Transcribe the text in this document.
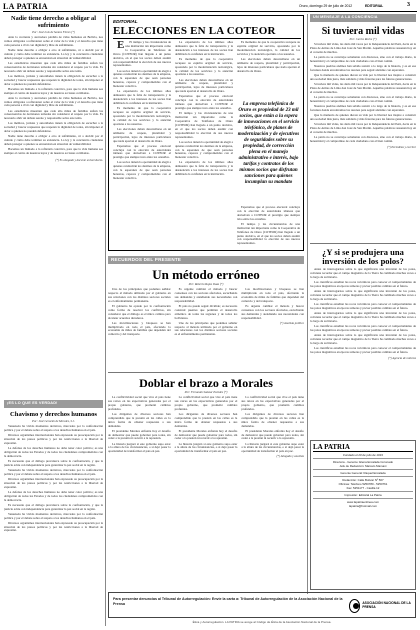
LA PATRIA	Oruro, domingo 29 de julio de 2012	EDITORIAL	3
Nadie tiene derecho a obligar al sufrimiento
Por: José Luis de Santos Flores (*)

Ante la creciente y aterradora pérdida de vidas humanas en Bolivia, nos vemos obligados a reflexionar sobre el valor de la vida y el derecho que tiene cada persona a vivir con dignidad y libre de sufrimiento.

Nadie tiene derecho a obligar a otro al sufrimiento, ni a decidir por él cuándo y cómo debe terminar su existencia. La ley y la conciencia ciudadana deben proteger a quienes se encuentran en situación de vulnerabilidad.

Las estadísticas muestran que cada año miles de familias sufren las consecuencias de decisiones tomadas sin considerar el respeto por la vida. Es necesario abrir un debate sereno y responsable sobre este tema.

Los médicos, juristas y autoridades tienen la obligación de escuchar a la sociedad y buscar respuestas que respeten la dignidad de todos, sin imponer el dolor a quienes no pueden defenderse.

Hacemos un llamado a la reflexión colectiva, para que la vida humana sea siempre el centro de nuestras leyes y de nuestras acciones cotidianas.

Ante la creciente y aterradora pérdida de vidas humanas en Bolivia, nos vemos obligados a reflexionar sobre el valor de la vida y el derecho que tiene cada persona a vivir con dignidad y libre de sufrimiento.

Las estadísticas muestran que cada año miles de familias sufren las consecuencias de decisiones tomadas sin considerar el respeto por la vida. Es necesario abrir un debate sereno y responsable sobre este tema.

Los médicos, juristas y autoridades tienen la obligación de escuchar a la sociedad y buscar respuestas que respeten la dignidad de todos, sin imponer el dolor a quienes no pueden defenderse.

Nadie tiene derecho a obligar a otro al sufrimiento, ni a decidir por él cuándo y cómo debe terminar su existencia. La ley y la conciencia ciudadana deben proteger a quienes se encuentran en situación de vulnerabilidad.

Hacemos un llamado a la reflexión colectiva, para que la vida humana sea siempre el centro de nuestras leyes y de nuestras acciones cotidianas.

(*) Es abogado y docente universitario.
¡ES LO QUE ES VERDAD!
Chavismo y derechos humanos
Por: José Gerardo de Morales, S.J.

Venezuela ha vivido momentos decisivos, marcados por la confrontación política y por el debate sobre el respeto a los derechos humanos en el país.

Diversos organismos internacionales han expresado su preocupación por la situación de los presos políticos y por las restricciones a la libertad de expresión.

La defensa de los derechos humanos no debe tener color político; es una obligación de todos los Estados y de todos los ciudadanos comprometidos con la democracia.

Es necesario que el diálogo prevalezca sobre la confrontación, y que la justicia actúe con independencia para garantizar la paz social en la región.

Venezuela ha vivido momentos decisivos, marcados por la confrontación política y por el debate sobre el respeto a los derechos humanos en el país.

Diversos organismos internacionales han expresado su preocupación por la situación de los presos políticos y por las restricciones a la libertad de expresión.

La defensa de los derechos humanos no debe tener color político; es una obligación de todos los Estados y de todos los ciudadanos comprometidos con la democracia.

Es necesario que el diálogo prevalezca sobre la confrontación, y que la justicia actúe con independencia para garantizar la paz social en la región.

Venezuela ha vivido momentos decisivos, marcados por la confrontación política y por el debate sobre el respeto a los derechos humanos en el país.

Diversos organismos internacionales han expresado su preocupación por la situación de los presos políticos y por las restricciones a la libertad de expresión.

EDITORIAL
ELECCIONES EN LA COTEOR

E El tiempo y las circunstancias de una institución tan importante como la Cooperativa de Teléfonos de Oruro (COTEOR) han llegado a un punto decisivo, en el que los socios deben asumir con responsabilidad la elección de sus nuevos representantes.

Los socios tienen la oportunidad de elegir a quienes conducirán los destinos de la empresa, con la esperanza de que sean personas honestas, capaces y comprometidas con el bienestar colectivo.

La experiencia de los últimos años demuestra que la falta de transparencia y la desatención a los intereses de los socios han debilitado la confianza en la institución.

Es momento de que la cooperativa recupere su espíritu original de servicio, apostando por la modernización tecnológica, la calidad de los servicios y la atención oportuna a los usuarios.

Las elecciones deben desarrollarse en un ambiente de respeto, pluralidad y participación, lejos de intereses particulares que nada aportan al desarrollo de Oruro.

Esperamos que el proceso electoral concluya con la elección de autoridades idóneas que devuelvan a COTEOR el prestigio que siempre tuvo entre los orureños.

Los socios tienen la oportunidad de elegir a quienes conducirán los destinos de la empresa, con la esperanza de que sean personas honestas, capaces y comprometidas con el bienestar colectivo.

La experiencia de los últimos años demuestra que la falta de transparencia y la desatención a los intereses de los socios han debilitado la confianza en la institución.

Es momento de que la cooperativa recupere su espíritu original de servicio, apostando por la modernización tecnológica, la calidad de los servicios y la atención oportuna a los usuarios.

Las elecciones deben desarrollarse en un ambiente de respeto, pluralidad y participación, lejos de intereses particulares que nada aportan al desarrollo de Oruro.

Esperamos que el proceso electoral concluya con la elección de autoridades idóneas que devuelvan a COTEOR el prestigio que siempre tuvo entre los orureños.

El tiempo y las circunstancias de una institución tan importante como la Cooperativa de Teléfonos de Oruro (COTEOR) han llegado a un punto decisivo, en el que los socios deben asumir con responsabilidad la elección de sus nuevos representantes.

Los socios tienen la oportunidad de elegir a quienes conducirán los destinos de la empresa, con la esperanza de que sean personas honestas, capaces y comprometidas con el bienestar colectivo.

La experiencia de los últimos años demuestra que la falta de transparencia y la desatención a los intereses de los socios han debilitado la confianza en la institución.

Es momento de que la cooperativa recupere su espíritu original de servicio, apostando por la modernización tecnológica, la calidad de los servicios y la atención oportuna a los usuarios.

Las elecciones deben desarrollarse en un ambiente de respeto, pluralidad y participación, lejos de intereses particulares que nada aportan al desarrollo de Oruro.

La empresa telefónica de Oruro es propiedad de 23 mil socios, que están a la espera de innovaciones en el servicio telefónico, de planes de modernización y de ejecutivos de seguridades sobre su propiedad, de corrección plena en el manejo administrativo e interés, bajo tarifas y contratos de los mismos socios que disfrutan sanciones para quienes incumplan su mandato

Esperamos que el proceso electoral concluya con la elección de autoridades idóneas que devuelvan a COTEOR el prestigio que siempre tuvo entre los orureños.

El tiempo y las circunstancias de una institución tan importante como la Cooperativa de Teléfonos de Oruro (COTEOR) han llegado a un punto decisivo, en el que los socios deben asumir con responsabilidad la elección de sus nuevos representantes.

RECUERDOS DEL PRESENTE
Un método erróneo
Por: Roberto Rojas Daza (*)

Uno de los principales que podemos señalar respecto al método utilizado por el gobierno en sus relaciones con los distintos sectores sociales es el enfrentamiento permanente.

El gobierno ha optado por la confrontación como forma de resolver los conflictos, sin considerar que el diálogo es el único camino para alcanzar acuerdos duraderos.

Las movilizaciones y bloqueos se han multiplicado en todo el país, afectando la economía de miles de familias que dependen del comercio y del transporte.

Es urgente cambiar el método y buscar consensos con los sectores afectados, escuchando sus demandas y atendiendo sus necesidades con responsabilidad.

El país no puede seguir dividido; es necesario construir puentes que permitan el desarrollo armónico de todas las regiones y de todos los bolivianos.

Uno de los principales que podemos señalar respecto al método utilizado por el gobierno en sus relaciones con los distintos sectores sociales es el enfrentamiento permanente.

Las movilizaciones y bloqueos se han multiplicado en todo el país, afectando la economía de miles de familias que dependen del comercio y del transporte.

Es urgente cambiar el método y buscar consensos con los sectores afectados, escuchando sus demandas y atendiendo sus necesidades con responsabilidad.

(*) Analista político
Doblar el brazo a Morales
Por: Fernando Salazar Paredes (*)

La conflictividad social que vive el país tiene sus raíces en las expectativas generadas por el propio gobierno, que prometió cambios profundos.

Los dirigentes de diversos sectores han comprendido que la presión en las calles es la única forma de obtener respuestas a sus demandas.

El presidente Morales enfrenta hoy el desafío de demostrar que puede gobernar para todos, sin ceder a la presión ni recurrir a la represión.

La historia juzgará si este gobierno supo estar a la altura de las circunstancias, o si dejó pasar la oportunidad de transformar el país en paz.

La conflictividad social que vive el país tiene sus raíces en las expectativas generadas por el propio gobierno, que prometió cambios profundos.

Los dirigentes de diversos sectores han comprendido que la presión en las calles es la única forma de obtener respuestas a sus demandas.

El presidente Morales enfrenta hoy el desafío de demostrar que puede gobernar para todos, sin ceder a la presión ni recurrir a la represión.

La historia juzgará si este gobierno supo estar a la altura de las circunstancias, o si dejó pasar la oportunidad de transformar el país en paz.

La conflictividad social que vive el país tiene sus raíces en las expectativas generadas por el propio gobierno, que prometió cambios profundos.

Los dirigentes de diversos sectores han comprendido que la presión en las calles es la única forma de obtener respuestas a sus demandas.

El presidente Morales enfrenta hoy el desafío de demostrar que puede gobernar para todos, sin ceder a la presión ni recurrir a la represión.

La historia juzgará si este gobierno supo estar a la altura de las circunstancias, o si dejó pasar la oportunidad de transformar el país en paz.

(*) Abogado y analista
UN MENSAJE A LA CONCIENCIA
Si tuviera mil vidas
Por: Carlos Roche (*)

Si tuviera mil vidas, las daría mil veces por la Independencia del Perú, decía en la Plaza de Armas de Lima don José de San Martín. Aquellas palabras resuenan hoy en el corazón de muchos.

La patria no se construye solamente con discursos, sino con el trabajo diario, la honestidad y el compromiso de cada ciudadano con el bien común.

Nuestros pueblos andinos han sabido resistir a lo largo de la historia, y es en esa fortaleza donde encontramos las razones para seguir adelante con esperanza.

Que la memoria de quienes dieron su vida por la libertad nos inspire a construir una sociedad más justa, más solidaria y más fraterna para las futuras generaciones.

Si tuviera mil vidas, las daría mil veces por la Independencia del Perú, decía en la Plaza de Armas de Lima don José de San Martín. Aquellas palabras resuenan hoy en el corazón de muchos.

La patria no se construye solamente con discursos, sino con el trabajo diario, la honestidad y el compromiso de cada ciudadano con el bien común.

Nuestros pueblos andinos han sabido resistir a lo largo de la historia, y es en esa fortaleza donde encontramos las razones para seguir adelante con esperanza.

Que la memoria de quienes dieron su vida por la libertad nos inspire a construir una sociedad más justa, más solidaria y más fraterna para las futuras generaciones.

Si tuviera mil vidas, las daría mil veces por la Independencia del Perú, decía en la Plaza de Armas de Lima don José de San Martín. Aquellas palabras resuenan hoy en el corazón de muchos.

La patria no se construye solamente con discursos, sino con el trabajo diario, la honestidad y el compromiso de cada ciudadano con el bien común.

(*) Periodista y escritor
¿Y si se produjera una inversión de los polos?

Antes de interrogarnos sobre lo que significaría una inversión de los polos, conviene recordar que el campo magnético de la Tierra ha cambiado muchas veces a lo largo de su historia.

Los científicos estudian las rocas volcánicas para conocer el comportamiento de los polos magnéticos en épocas remotas y prever posibles cambios en el futuro.

Antes de interrogarnos sobre lo que significaría una inversión de los polos, conviene recordar que el campo magnético de la Tierra ha cambiado muchas veces a lo largo de su historia.

Los científicos estudian las rocas volcánicas para conocer el comportamiento de los polos magnéticos en épocas remotas y prever posibles cambios en el futuro.

Antes de interrogarnos sobre lo que significaría una inversión de los polos, conviene recordar que el campo magnético de la Tierra ha cambiado muchas veces a lo largo de su historia.

Los científicos estudian las rocas volcánicas para conocer el comportamiento de los polos magnéticos en épocas remotas y prever posibles cambios en el futuro.

Antes de interrogarnos sobre lo que significaría una inversión de los polos, conviene recordar que el campo magnético de la Tierra ha cambiado muchas veces a lo largo de su historia.

Los científicos estudian las rocas volcánicas para conocer el comportamiento de los polos magnéticos en épocas remotas y prever posibles cambios en el futuro.

(*) Agencia de noticias
LA PATRIA
Fundado el 20 de julio de 1919
Directora - Gerente: Elena Encalada Coronado
Jefe de Redacción: Marcelo Mamani
Gerente General: Raquel Encalada
Redacción: Calle Bolívar Nº 567
Oficinas: Teléfono 5250780 - 5250761
Fax: 5251177 - Casilla 12
Impresión: Editorial La Patria
www.lapatriaenlinea.com
lapatria@hotmail.com
Para presentar denuncias al Tribunal de Autorregulación: Envíe la carta a: Tribunal de Autorregulación de la Asociación Nacional de la Prensa	ASOCIACIÓN NACIONAL DE LA PRENSA
Ética y Autorregulación. LA PATRIA se acoge al Código de Ética de la Asociación Nacional de la Prensa.
